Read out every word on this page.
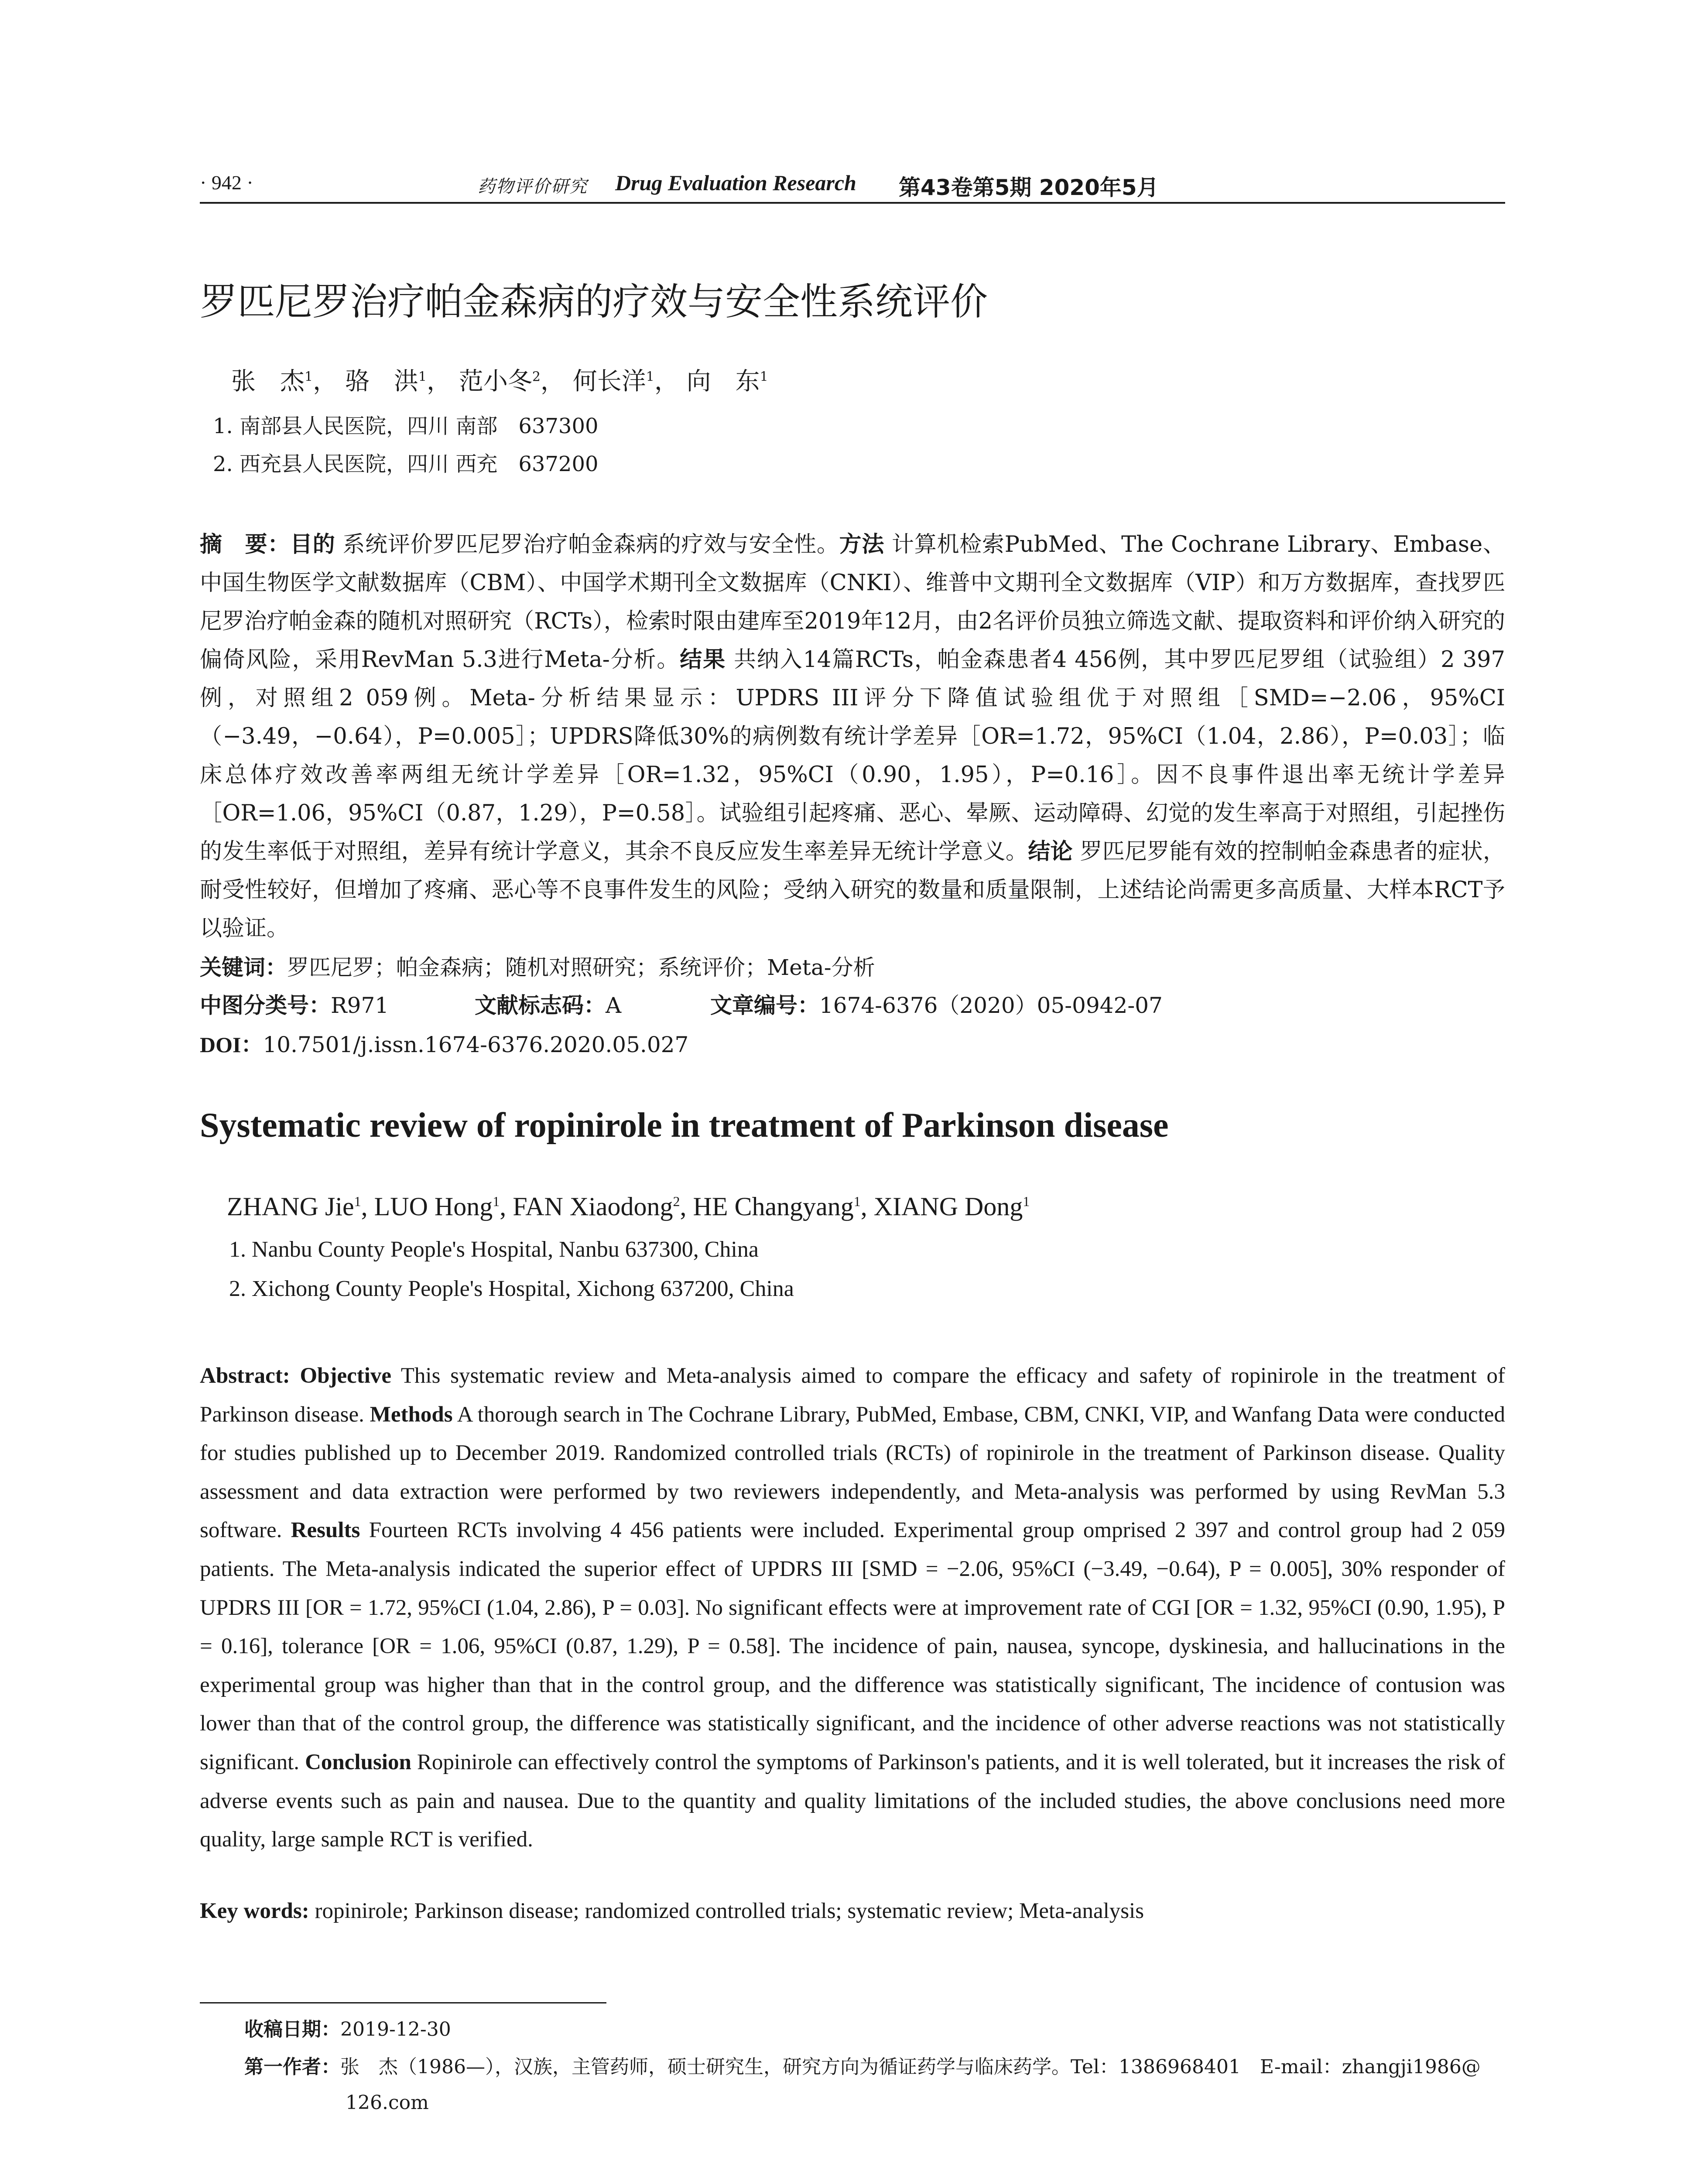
· 942 ·	药物评价研究 Drug Evaluation Research 第43卷第5期 2020年5月
罗匹尼罗治疗帕金森病的疗效与安全性系统评价
张　杰$^1$， 骆　洪$^1$， 范小冬$^2$， 何长洋$^1$， 向　东$^1$
1. 南部县人民医院，四川 南部　637300
2. 西充县人民医院，四川 西充　637200
摘　要：目的 系统评价罗匹尼罗治疗帕金森病的疗效与安全性。方法 计算机检索PubMed、The Cochrane Library、Embase、中国生物医学文献数据库（CBM）、中国学术期刊全文数据库（CNKI）、维普中文期刊全文数据库（VIP）和万方数据库，查找罗匹尼罗治疗帕金森的随机对照研究（RCTs），检索时限由建库至2019年12月，由2名评价员独立筛选文献、提取资料和评价纳入研究的偏倚风险，采用RevMan 5.3进行Meta-分析。结果 共纳入14篇RCTs，帕金森患者4 456例，其中罗匹尼罗组（试验组）2 397例，对照组2 059例。Meta-分析结果显示：UPDRS III评分下降值试验组优于对照组［SMD=−2.06，95%CI（−3.49，−0.64），P=0.005］；UPDRS降低30%的病例数有统计学差异［OR=1.72，95%CI（1.04，2.86），P=0.03］；临床总体疗效改善率两组无统计学差异［OR=1.32，95%CI（0.90，1.95），P=0.16］。因不良事件退出率无统计学差异［OR=1.06，95%CI（0.87，1.29），P=0.58］。试验组引起疼痛、恶心、晕厥、运动障碍、幻觉的发生率高于对照组，引起挫伤的发生率低于对照组，差异有统计学意义，其余不良反应发生率差异无统计学意义。结论 罗匹尼罗能有效的控制帕金森患者的症状，耐受性较好，但增加了疼痛、恶心等不良事件发生的风险；受纳入研究的数量和质量限制，上述结论尚需更多高质量、大样本RCT予以验证。
关键词：罗匹尼罗；帕金森病；随机对照研究；系统评价；Meta-分析
中图分类号：R971	文献标志码：A	文章编号：1674-6376（2020）05-0942-07
DOI：10.7501/j.issn.1674-6376.2020.05.027
Systematic review of ropinirole in treatment of Parkinson disease
ZHANG Jie$^1$, LUO Hong$^1$, FAN Xiaodong$^2$, HE Changyang$^1$, XIANG Dong$^1$
1. Nanbu County People's Hospital, Nanbu 637300, China
2. Xichong County People's Hospital, Xichong 637200, China
Abstract: Objective This systematic review and Meta-analysis aimed to compare the efficacy and safety of ropinirole in the treatment of Parkinson disease. Methods A thorough search in The Cochrane Library, PubMed, Embase, CBM, CNKI, VIP, and Wanfang Data were conducted for studies published up to December 2019. Randomized controlled trials (RCTs) of ropinirole in the treatment of Parkinson disease. Quality assessment and data extraction were performed by two reviewers independently, and Meta-analysis was performed by using RevMan 5.3 software. Results Fourteen RCTs involving 4 456 patients were included. Experimental group omprised 2 397 and control group had 2 059 patients. The Meta-analysis indicated the superior effect of UPDRS III [SMD = −2.06, 95%CI (−3.49, −0.64), P = 0.005], 30% responder of UPDRS III [OR = 1.72, 95%CI (1.04, 2.86), P = 0.03]. No significant effects were at improvement rate of CGI [OR = 1.32, 95%CI (0.90, 1.95), P = 0.16], tolerance [OR = 1.06, 95%CI (0.87, 1.29), P = 0.58]. The incidence of pain, nausea, syncope, dyskinesia, and hallucinations in the experimental group was higher than that in the control group, and the difference was statistically significant, The incidence of contusion was lower than that of the control group, the difference was statistically significant, and the incidence of other adverse reactions was not statistically significant. Conclusion Ropinirole can effectively control the symptoms of Parkinson's patients, and it is well tolerated, but it increases the risk of adverse events such as pain and nausea. Due to the quantity and quality limitations of the included studies, the above conclusions need more quality, large sample RCT is verified.
Key words: ropinirole; Parkinson disease; randomized controlled trials; systematic review; Meta-analysis
收稿日期：2019-12-30
第一作者：张　杰（1986—），汉族，主管药师，硕士研究生，研究方向为循证药学与临床药学。Tel：1386968401　E-mail：zhangji1986@
126.com
